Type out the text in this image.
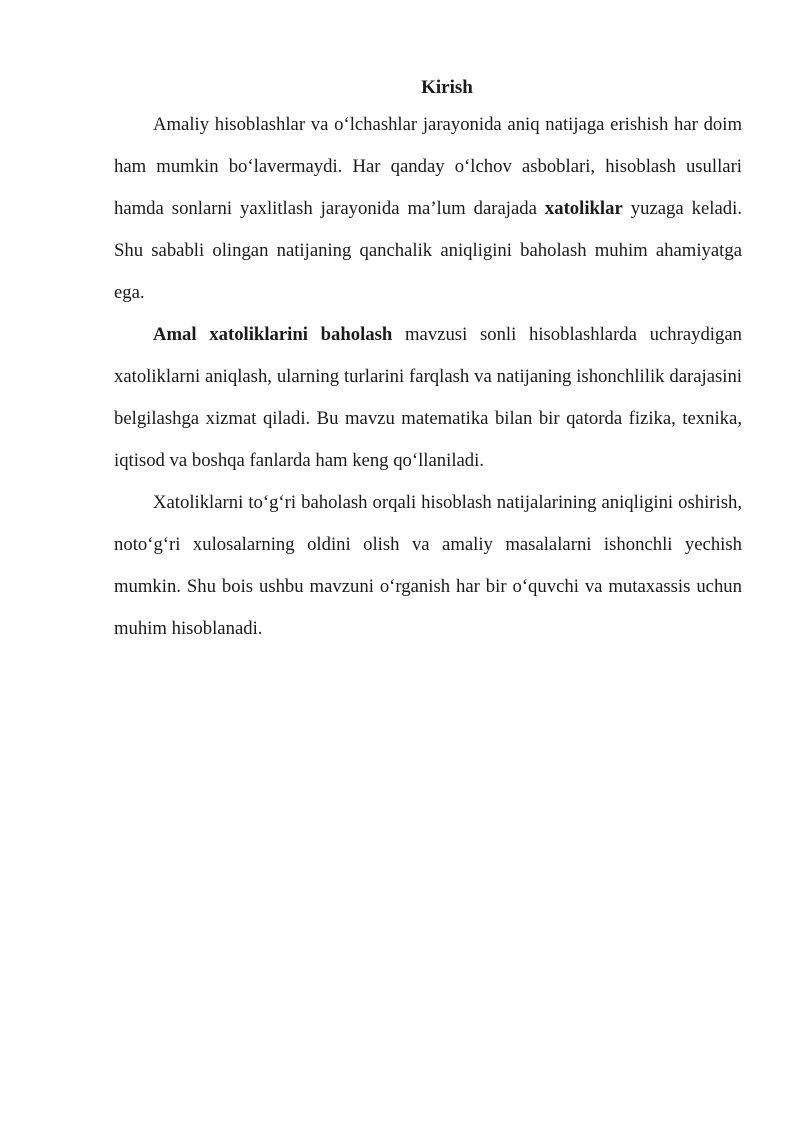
Kirish

Amaliy hisoblashlar va o‘lchashlar jarayonida aniq natijaga erishish har doim ham mumkin bo‘lavermaydi. Har qanday o‘lchov asboblari, hisoblash usullari hamda sonlarni yaxlitlash jarayonida ma’lum darajada xatoliklar yuzaga keladi. Shu sababli olingan natijaning qanchalik aniqligini baholash muhim ahamiyatga ega.

Amal xatoliklarini baholash mavzusi sonli hisoblashlarda uchraydigan xatoliklarni aniqlash, ularning turlarini farqlash va natijaning ishonchlilik darajasini belgilashga xizmat qiladi. Bu mavzu matematika bilan bir qatorda fizika, texnika, iqtisod va boshqa fanlarda ham keng qo‘llaniladi.

Xatoliklarni to‘g‘ri baholash orqali hisoblash natijalarining aniqligini oshirish, noto‘g‘ri xulosalarning oldini olish va amaliy masalalarni ishonchli yechish mumkin. Shu bois ushbu mavzuni o‘rganish har bir o‘quvchi va mutaxassis uchun muhim hisoblanadi.
